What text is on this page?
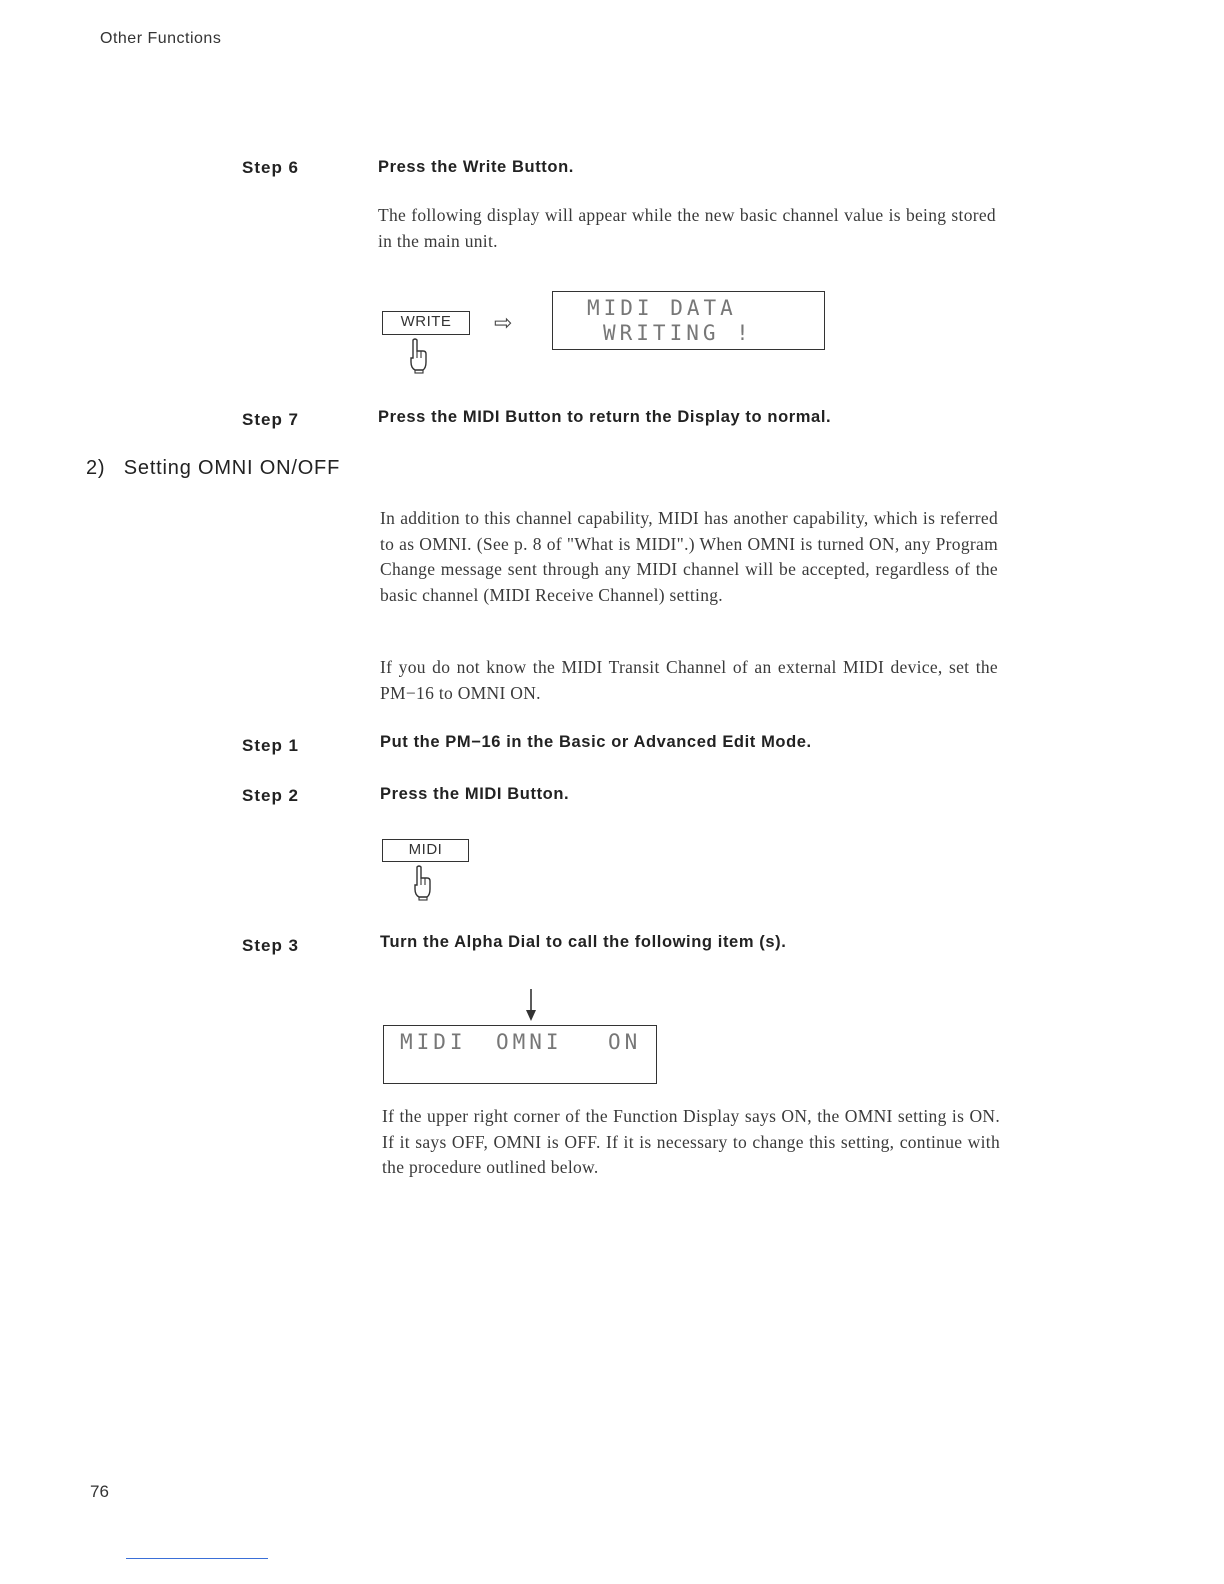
Other Functions
Step 6	Press the Write Button.
The following display will appear while the new basic channel value is being stored in the main unit.
WRITE	⇨
MIDI DATA
WRITING !
Step 7	Press the MIDI Button to return the Display to normal.
2) Setting OMNI ON/OFF
In addition to this channel capability, MIDI has another capability, which is referred to as OMNI. (See p. 8 of "What is MIDI".) When OMNI is turned ON, any Program Change message sent through any MIDI channel will be accepted, regardless of the basic channel (MIDI Receive Channel) setting.
If you do not know the MIDI Transit Channel of an external MIDI device, set the PM−16 to OMNI ON.
Step 1	Put the PM−16 in the Basic or Advanced Edit Mode.
Step 2	Press the MIDI Button.
MIDI
Step 3	Turn the Alpha Dial to call the following item (s).
MIDI OMNI ON
If the upper right corner of the Function Display says ON, the OMNI setting is ON. If it says OFF, OMNI is OFF. If it is necessary to change this setting, continue with the procedure outlined below.
76
